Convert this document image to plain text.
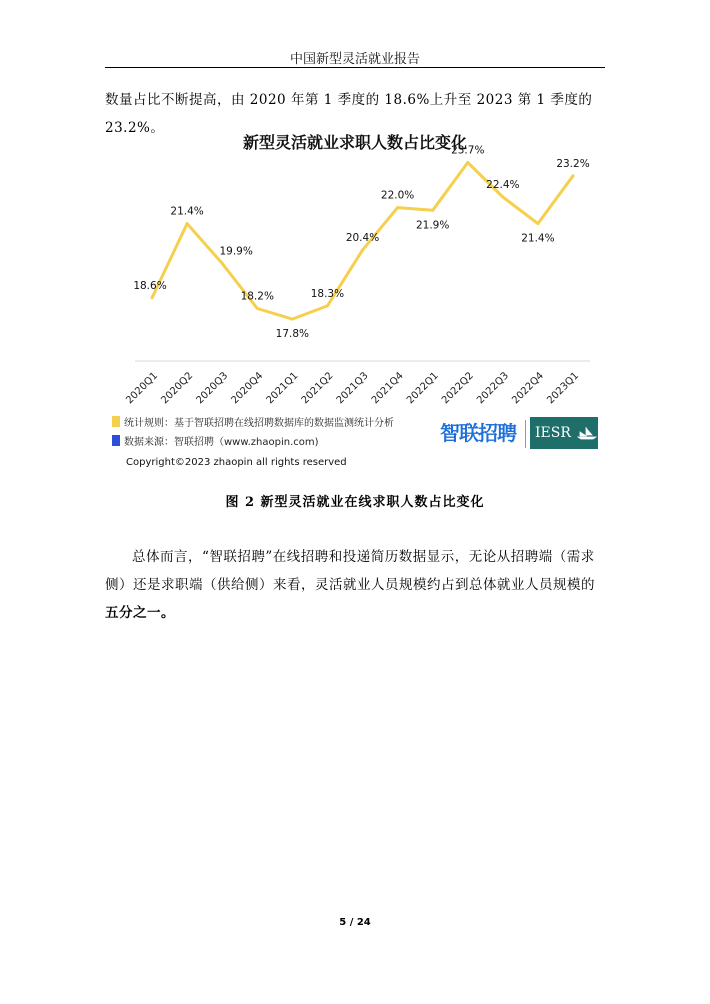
中国新型灵活就业报告
数量占比不断提高，由 2020 年第 1 季度的 18.6%上升至 2023 第 1 季度的 23.2%。
新型灵活就业求职人数占比变化
18.6%
21.4%
19.9%
18.2%
17.8%
18.3%
20.4%
22.0%
21.9%
23.7%
22.4%
21.4%
23.2%
2020Q1 2020Q2 2020Q3 2020Q4 2021Q1 2021Q2 2021Q3 2021Q4 2022Q1 2022Q2 2022Q3 2022Q4 2023Q1
统计规则：基于智联招聘在线招聘数据库的数据监测统计分析
数据来源：智联招聘（www.zhaopin.com)	智联招聘	IESR
Copyright©2023 zhaopin all rights reserved
图 2 新型灵活就业在线求职人数占比变化
总体而言，“智联招聘”在线招聘和投递简历数据显示，无论从招聘端（需求侧）还是求职端（供给侧）来看，灵活就业人员规模约占到总体就业人员规模的五分之一。
5 / 24
